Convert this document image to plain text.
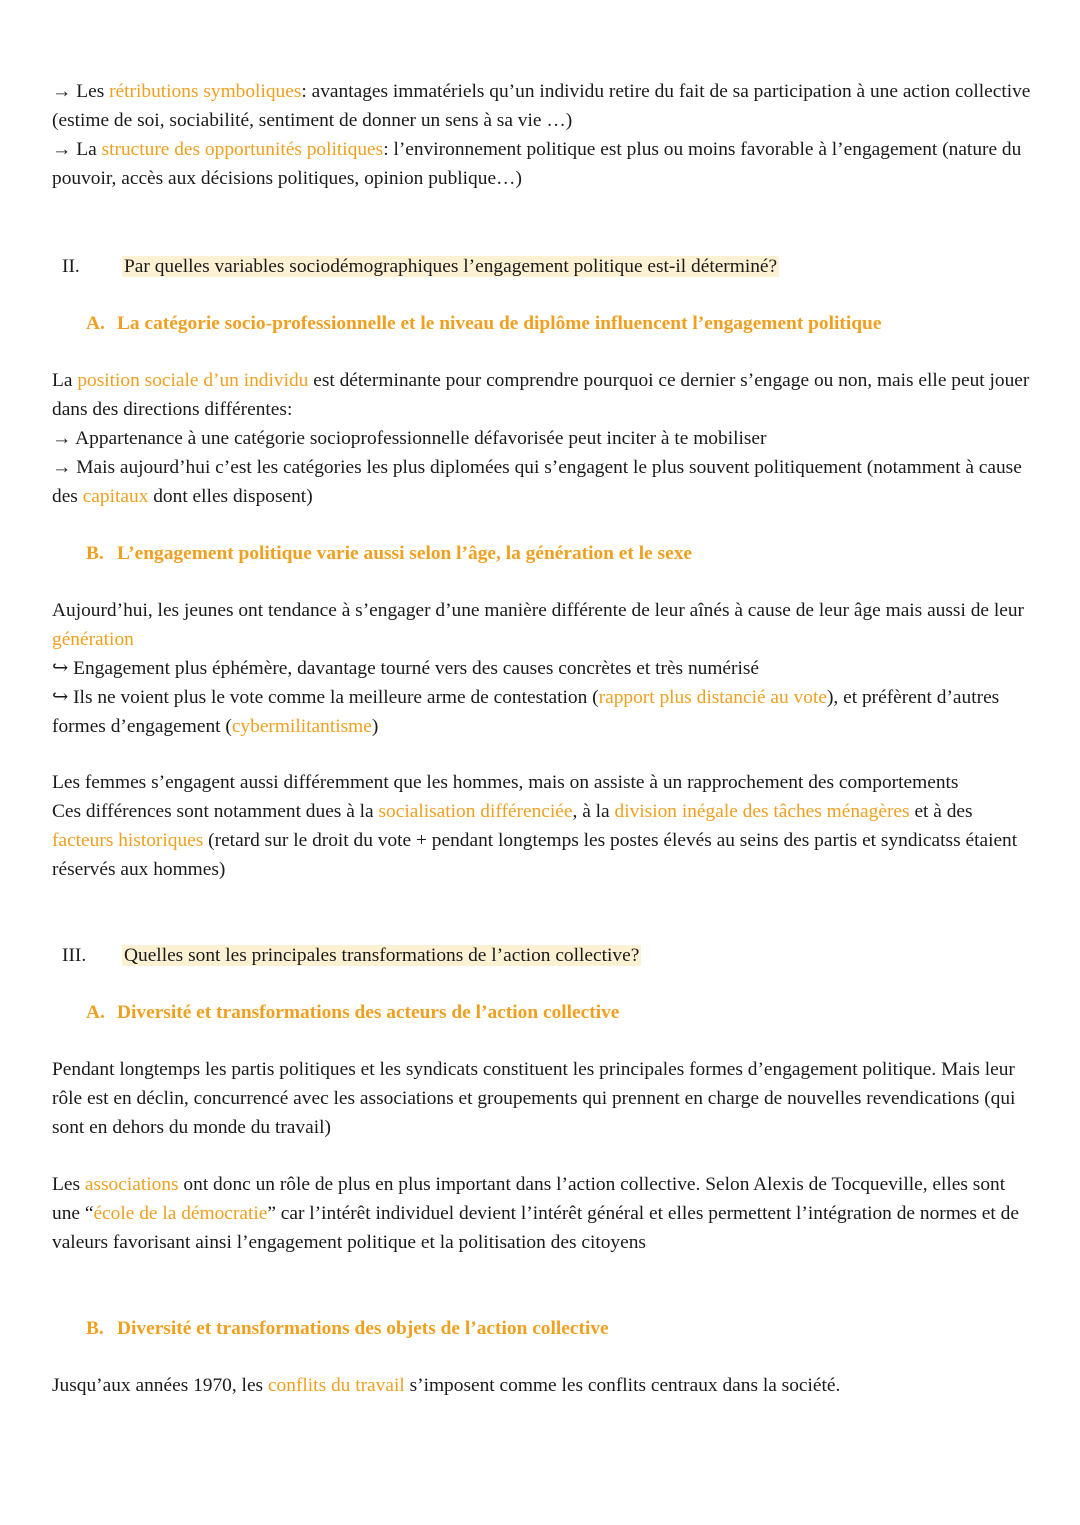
→ Les rétributions symboliques: avantages immatériels qu’un individu retire du fait de sa participation à une action collective (estime de soi, sociabilité, sentiment de donner un sens à sa vie …)

→ La structure des opportunités politiques: l’environnement politique est plus ou moins favorable à l’engagement (nature du pouvoir, accès aux décisions politiques, opinion publique…)

II. Par quelles variables sociodémographiques l’engagement politique est-il déterminé?
A. La catégorie socio-professionnelle et le niveau de diplôme influencent l’engagement politique

La position sociale d’un individu est déterminante pour comprendre pourquoi ce dernier s’engage ou non, mais elle peut jouer dans des directions différentes:

→ Appartenance à une catégorie socioprofessionnelle défavorisée peut inciter à te mobiliser

→ Mais aujourd’hui c’est les catégories les plus diplomées qui s’engagent le plus souvent politiquement (notamment à cause des capitaux dont elles disposent)

B. L’engagement politique varie aussi selon l’âge, la génération et le sexe

Aujourd’hui, les jeunes ont tendance à s’engager d’une manière différente de leur aînés à cause de leur âge mais aussi de leur génération

↪ Engagement plus éphémère, davantage tourné vers des causes concrètes et très numérisé

↪ Ils ne voient plus le vote comme la meilleure arme de contestation (rapport plus distancié au vote), et préfèrent d’autres formes d’engagement (cybermilitantisme)

Les femmes s’engagent aussi différemment que les hommes, mais on assiste à un rapprochement des comportements

Ces différences sont notamment dues à la socialisation différenciée, à la division inégale des tâches ménagères et à des facteurs historiques (retard sur le droit du vote + pendant longtemps les postes élevés au seins des partis et syndicatss étaient réservés aux hommes)

III. Quelles sont les principales transformations de l’action collective?
A. Diversité et transformations des acteurs de l’action collective

Pendant longtemps les partis politiques et les syndicats constituent les principales formes d’engagement politique. Mais leur rôle est en déclin, concurrencé avec les associations et groupements qui prennent en charge de nouvelles revendications (qui sont en dehors du monde du travail)

Les associations ont donc un rôle de plus en plus important dans l’action collective. Selon Alexis de Tocqueville, elles sont une “école de la démocratie” car l’intérêt individuel devient l’intérêt général et elles permettent l’intégration de normes et de valeurs favorisant ainsi l’engagement politique et la politisation des citoyens

B. Diversité et transformations des objets de l’action collective

Jusqu’aux années 1970, les conflits du travail s’imposent comme les conflits centraux dans la société.
